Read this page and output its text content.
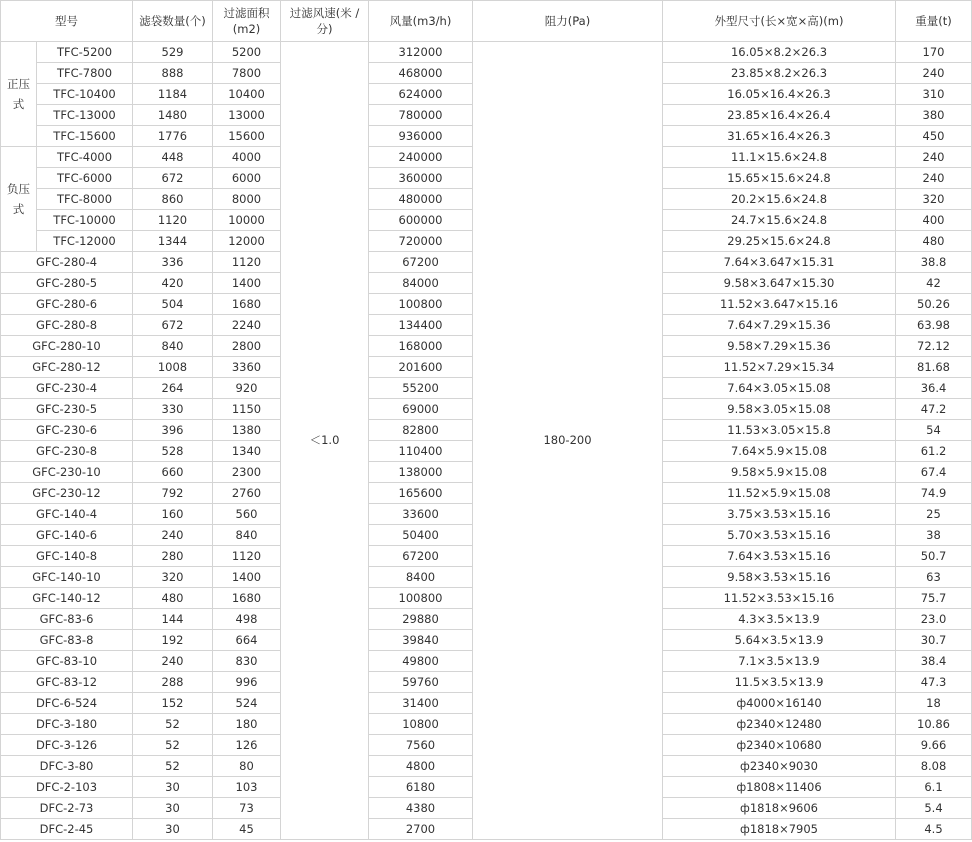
型号		滤袋数量(个)	过滤面积
(m2)	过滤风速(米 /
分)	风量(m3/h)	阻力(Pa)	外型尺寸(长×宽×高)(m)	重量(t)
正压
式	TFC-5200	529	5200	＜1.0	312000	180-200	16.05×8.2×26.3	170
	TFC-7800	888	7800		468000		23.85×8.2×26.3	240
	TFC-10400	1184	10400		624000		16.05×16.4×26.3	310
	TFC-13000	1480	13000		780000		23.85×16.4×26.4	380
	TFC-15600	1776	15600		936000		31.65×16.4×26.3	450
负压
式	TFC-4000	448	4000		240000		11.1×15.6×24.8	240
	TFC-6000	672	6000		360000		15.65×15.6×24.8	240
	TFC-8000	860	8000		480000		20.2×15.6×24.8	320
	TFC-10000	1120	10000		600000		24.7×15.6×24.8	400
	TFC-12000	1344	12000		720000		29.25×15.6×24.8	480
GFC-280-4		336	1120		67200		7.64×3.647×15.31	38.8
GFC-280-5		420	1400		84000		9.58×3.647×15.30	42
GFC-280-6		504	1680		100800		11.52×3.647×15.16	50.26
GFC-280-8		672	2240		134400		7.64×7.29×15.36	63.98
GFC-280-10		840	2800		168000		9.58×7.29×15.36	72.12
GFC-280-12		1008	3360		201600		11.52×7.29×15.34	81.68
GFC-230-4		264	920		55200		7.64×3.05×15.08	36.4
GFC-230-5		330	1150		69000		9.58×3.05×15.08	47.2
GFC-230-6		396	1380		82800		11.53×3.05×15.8	54
GFC-230-8		528	1340		110400		7.64×5.9×15.08	61.2
GFC-230-10		660	2300		138000		9.58×5.9×15.08	67.4
GFC-230-12		792	2760		165600		11.52×5.9×15.08	74.9
GFC-140-4		160	560		33600		3.75×3.53×15.16	25
GFC-140-6		240	840		50400		5.70×3.53×15.16	38
GFC-140-8		280	1120		67200		7.64×3.53×15.16	50.7
GFC-140-10		320	1400		8400		9.58×3.53×15.16	63
GFC-140-12		480	1680		100800		11.52×3.53×15.16	75.7
GFC-83-6		144	498		29880		4.3×3.5×13.9	23.0
GFC-83-8		192	664		39840		5.64×3.5×13.9	30.7
GFC-83-10		240	830		49800		7.1×3.5×13.9	38.4
GFC-83-12		288	996		59760		11.5×3.5×13.9	47.3
DFC-6-524		152	524		31400		ф4000×16140	18
DFC-3-180		52	180		10800		ф2340×12480	10.86
DFC-3-126		52	126		7560		ф2340×10680	9.66
DFC-3-80		52	80		4800		ф2340×9030	8.08
DFC-2-103		30	103		6180		ф1808×11406	6.1
DFC-2-73		30	73		4380		ф1818×9606	5.4
DFC-2-45		30	45		2700		ф1818×7905	4.5
